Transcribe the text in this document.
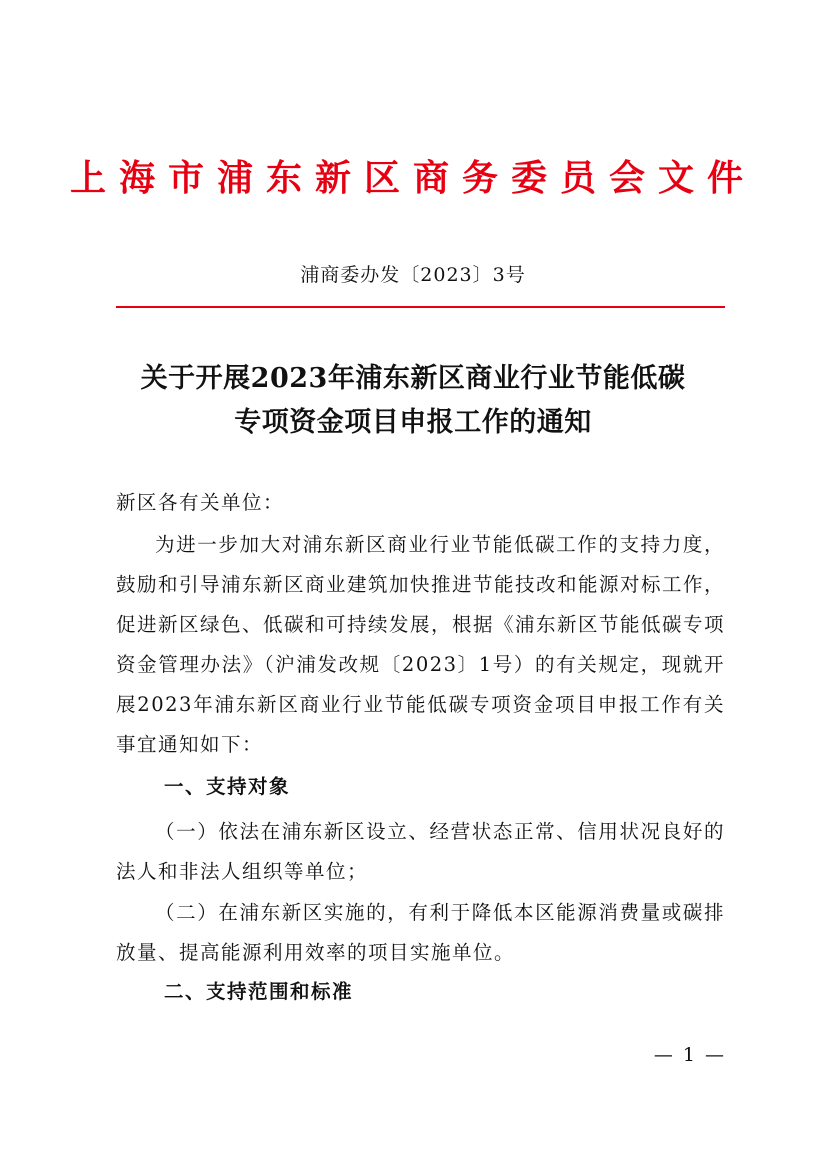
上海市浦东新区商务委员会文件
浦商委办发〔2023〕3号
关于开展2023年浦东新区商业行业节能低碳
专项资金项目申报工作的通知
新区各有关单位：

为进一步加大对浦东新区商业行业节能低碳工作的支持力度，鼓励和引导浦东新区商业建筑加快推进节能技改和能源对标工作，促进新区绿色、低碳和可持续发展，根据《浦东新区节能低碳专项资金管理办法》（沪浦发改规〔2023〕1号）的有关规定，现就开展2023年浦东新区商业行业节能低碳专项资金项目申报工作有关事宜通知如下：

一、支持对象

（一）依法在浦东新区设立、经营状态正常、信用状况良好的法人和非法人组织等单位；

（二）在浦东新区实施的，有利于降低本区能源消费量或碳排放量、提高能源利用效率的项目实施单位。

二、支持范围和标准
— 1 —
